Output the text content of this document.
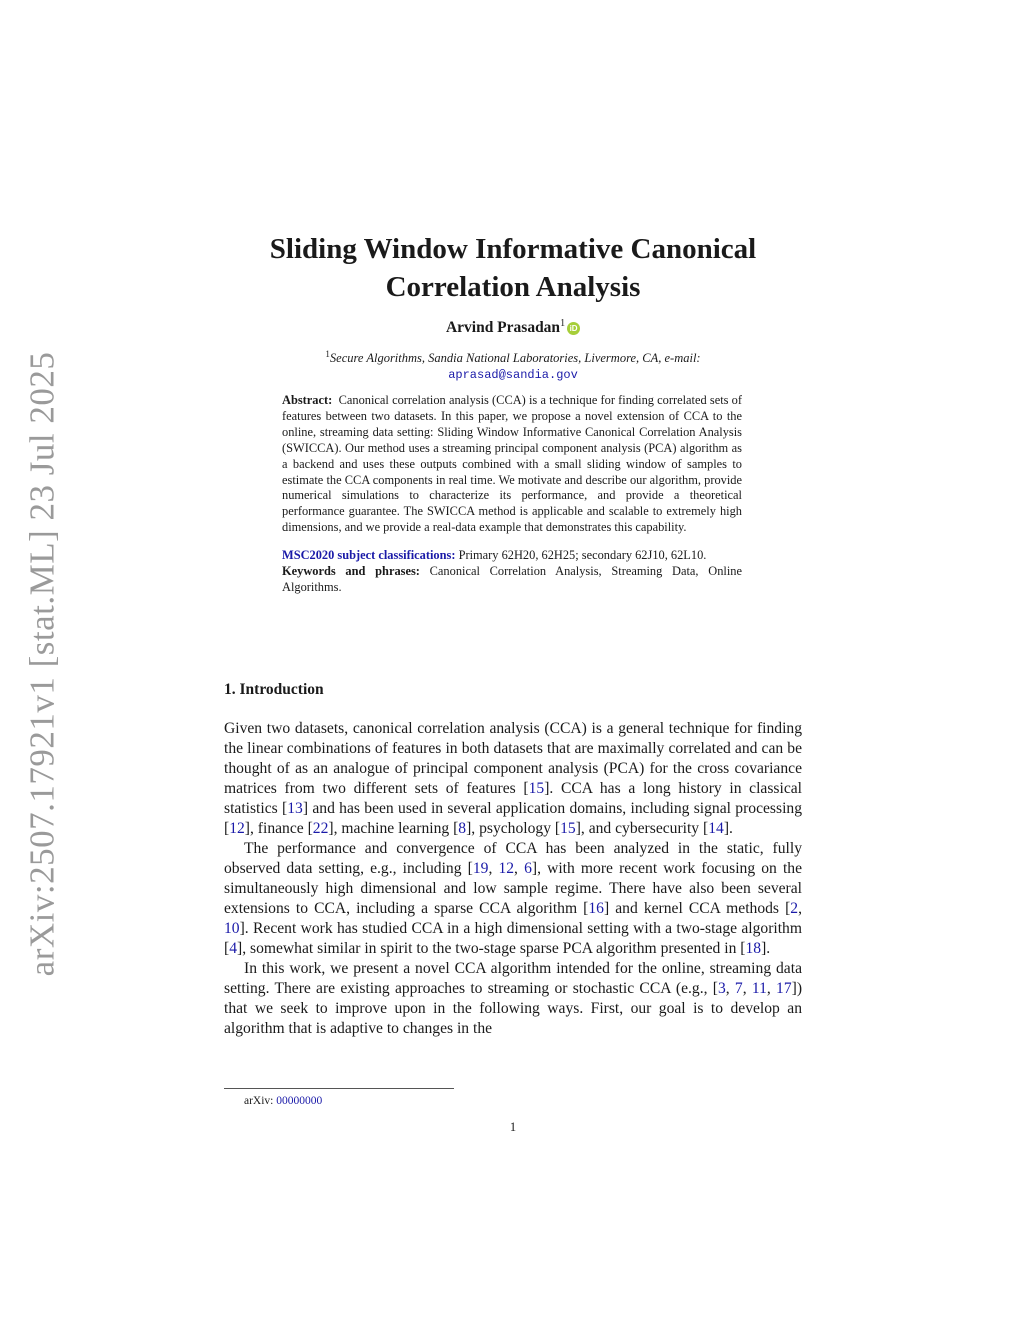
arXiv:2507.17921v1 [stat.ML] 23 Jul 2025
Sliding Window Informative Canonical
Correlation Analysis
Arvind Prasadan$^1$ iD
$^1$Secure Algorithms, Sandia National Laboratories, Livermore, CA, e-mail:
aprasad@sandia.gov

Abstract: Canonical correlation analysis (CCA) is a technique for finding correlated sets of features between two datasets. In this paper, we propose a novel extension of CCA to the online, streaming data setting: Sliding Window Informative Canonical Correlation Analysis (SWICCA). Our method uses a streaming principal component analysis (PCA) algorithm as a backend and uses these outputs combined with a small sliding window of samples to estimate the CCA components in real time. We motivate and describe our algorithm, provide numerical simulations to characterize its performance, and provide a theoretical performance guarantee. The SWICCA method is applicable and scalable to extremely high dimensions, and we provide a real-data example that demonstrates this capability.

MSC2020 subject classifications: Primary 62H20, 62H25; secondary 62J10, 62L10.

Keywords and phrases: Canonical Correlation Analysis, Streaming Data, Online Algorithms.

1. Introduction

Given two datasets, canonical correlation analysis (CCA) is a general technique for finding the linear combinations of features in both datasets that are maximally correlated and can be thought of as an analogue of principal component analysis (PCA) for the cross covariance matrices from two different sets of features [15]. CCA has a long history in classical statistics [13] and has been used in several application domains, including signal processing [12], finance [22], machine learning [8], psychology [15], and cybersecurity [14].

The performance and convergence of CCA has been analyzed in the static, fully observed data setting, e.g., including [19, 12, 6], with more recent work focusing on the simultaneously high dimensional and low sample regime. There have also been several extensions to CCA, including a sparse CCA algorithm [16] and kernel CCA methods [2, 10]. Recent work has studied CCA in a high dimensional setting with a two-stage algorithm [4], somewhat similar in spirit to the two-stage sparse PCA algorithm presented in [18].

In this work, we present a novel CCA algorithm intended for the online, streaming data setting. There are existing approaches to streaming or stochastic CCA (e.g., [3, 7, 11, 17]) that we seek to improve upon in the following ways. First, our goal is to develop an algorithm that is adaptive to changes in the

arXiv: 00000000
1
